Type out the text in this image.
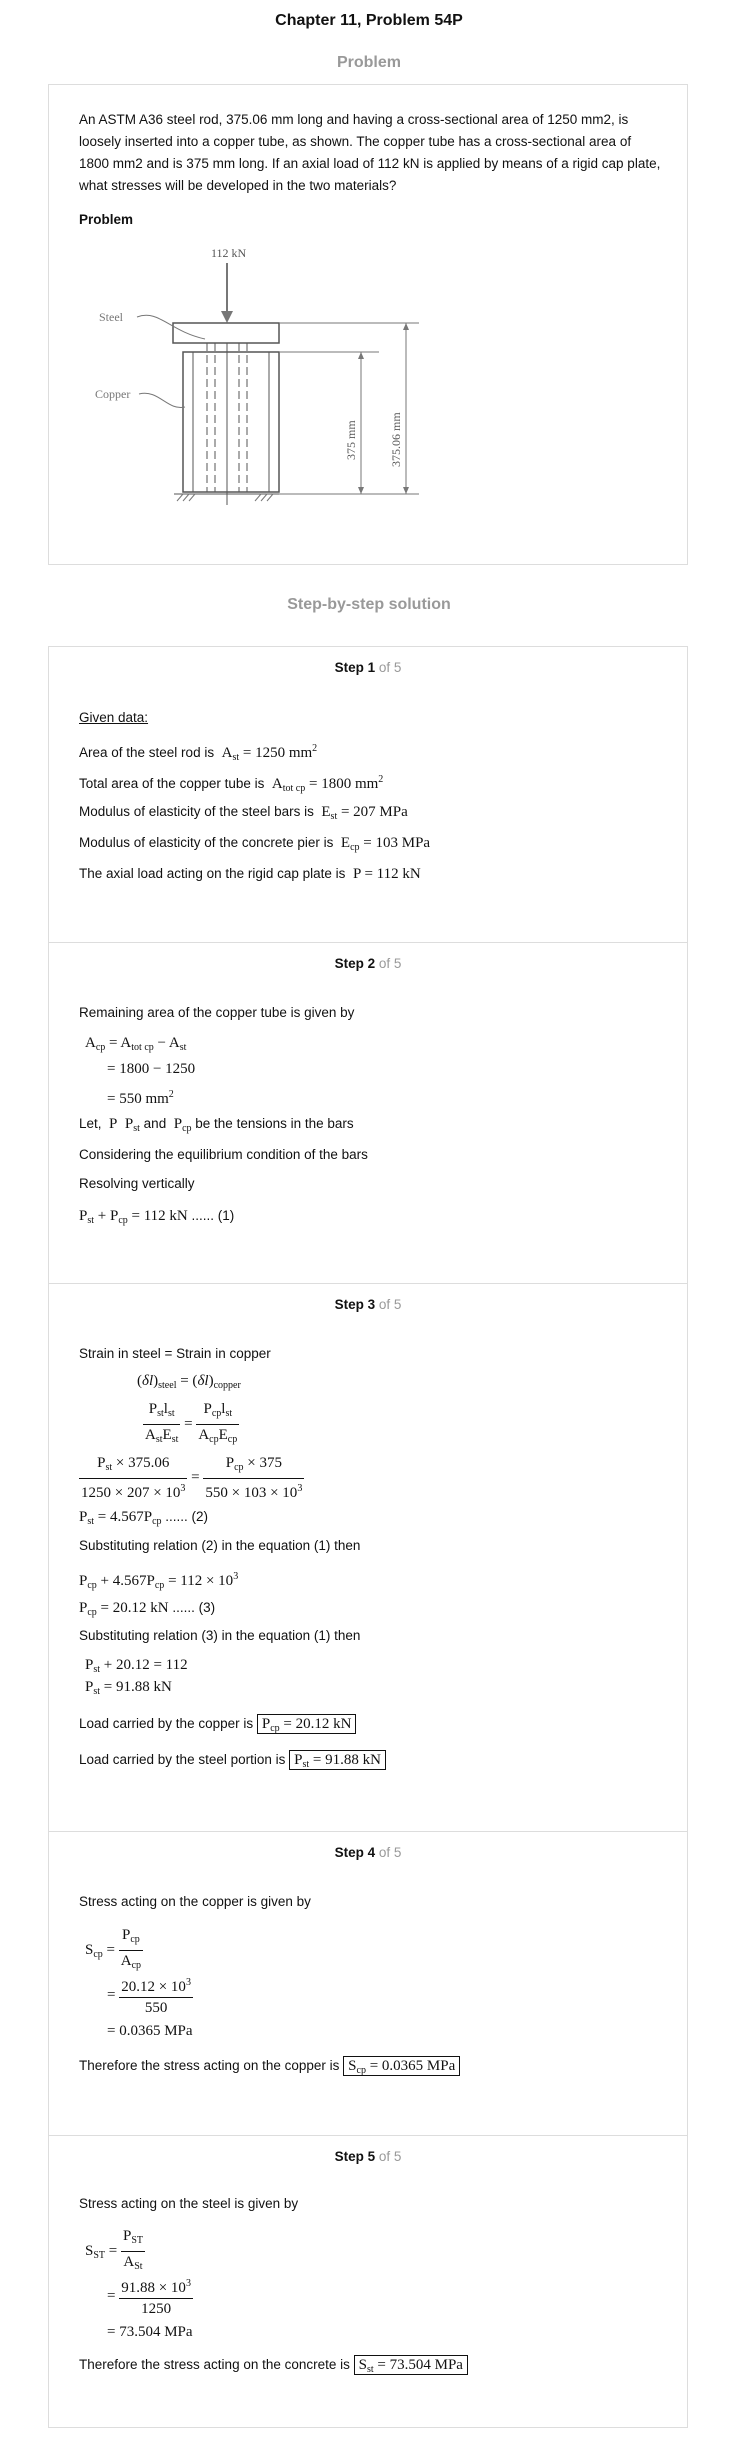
Chapter 11, Problem 54P
Problem
An ASTM A36 steel rod, 375.06 mm long and having a cross-sectional area of 1250 mm2, is loosely inserted into a copper tube, as shown. The copper tube has a cross-sectional area of 1800 mm2 and is 375 mm long. If an axial load of 112 kN is applied by means of a rigid cap plate, what stresses will be developed in the two materials?
Problem
112 kN
Steel
Copper
375 mm	375.06 mm
Step-by-step solution
Step 1 of 5
Given data:
Area of the steel rod is  $A_{st} = 1250$ $mm^2$
Total area of the copper tube is  $A_{tot cp} = 1800$ $mm^2$
Modulus of elasticity of the steel bars is  $E_{st} = 207$ MPa
Modulus of elasticity of the concrete pier is  $E_{cp} = 103$ MPa
The axial load acting on the rigid cap plate is P = 112 kN
Step 2 of 5
Remaining area of the copper tube is given by
$A_{cp} = A_{tot cp} - A_{st}$
= 1800 − 1250
= 550 $mm^2$
Let,  P  $P_{st}$ and  $P_{cp}$ be the tensions in the bars
Considering the equilibrium condition of the bars
Resolving vertically
$P_{st} + P_{cp} = 112$ kN ...... (1)
Step 3 of 5
Strain in steel = Strain in copper
$(\delta l)_{steel} = (\delta l)_{copper}$
$\frac{P_{st}l_{st}}{A_{st}E_{st}} = \frac{P_{cp}l_{st}}{A_{cp}E_{cp}}$
$\frac{P_{st} \times 375.06}{1250 \times 207 \times 10^3} = \frac{P_{cp} \times 375}{550 \times 103 \times 10^3}$
$P_{st} = 4.567P_{cp}$ ...... (2)
Substituting relation (2) in the equation (1) then
$P_{cp} + 4.567P_{cp} = 112 \times 10^3$
$P_{cp} = 20.12$ kN ...... (3)
Substituting relation (3) in the equation (1) then
$P_{st} + 20.12 = 112$
$P_{st} = 91.88$ kN
Load carried by the copper is $P_{cp} = 20.12$ kN
Load carried by the steel portion is $P_{st} = 91.88$ kN
Step 4 of 5
Stress acting on the copper is given by
$S_{cp} = \frac{P_{cp}}{A_{cp}}$
= $\frac{20.12 \times 10^3}{550}$
= 0.0365 MPa
Therefore the stress acting on the copper is $S_{cp} = 0.0365$ MPa
Step 5 of 5
Stress acting on the steel is given by
$S_{ST} = \frac{P_{ST}}{A_{St}}$
= $\frac{91.88 \times 10^3}{1250}$
= 73.504 MPa
Therefore the stress acting on the concrete is $S_{st} = 73.504$ MPa
